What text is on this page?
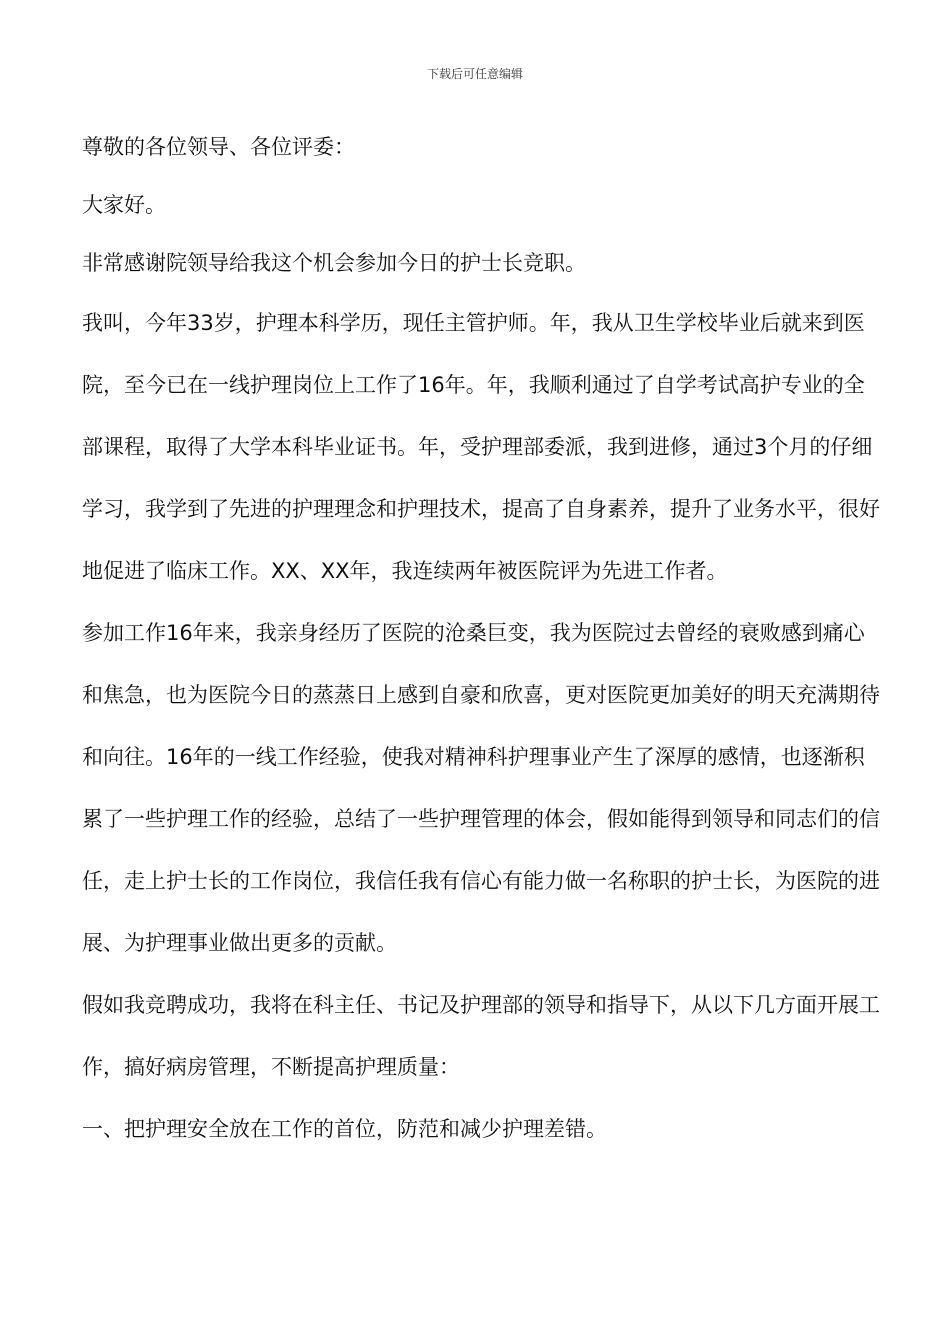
下载后可任意编辑

尊敬的各位领导、各位评委：

大家好。

非常感谢院领导给我这个机会参加今日的护士长竞职。

我叫，今年33岁，护理本科学历，现任主管护师。年，我从卫生学校毕业后就来到医院，至今已在一线护理岗位上工作了16年。年，我顺利通过了自学考试高护专业的全部课程，取得了大学本科毕业证书。年，受护理部委派，我到进修，通过3个月的仔细学习，我学到了先进的护理理念和护理技术，提高了自身素养，提升了业务水平，很好地促进了临床工作。XX、XX年，我连续两年被医院评为先进工作者。

参加工作16年来，我亲身经历了医院的沧桑巨变，我为医院过去曾经的衰败感到痛心和焦急，也为医院今日的蒸蒸日上感到自豪和欣喜，更对医院更加美好的明天充满期待和向往。16年的一线工作经验，使我对精神科护理事业产生了深厚的感情，也逐渐积累了一些护理工作的经验，总结了一些护理管理的体会，假如能得到领导和同志们的信任，走上护士长的工作岗位，我信任我有信心有能力做一名称职的护士长，为医院的进展、为护理事业做出更多的贡献。

假如我竞聘成功，我将在科主任、书记及护理部的领导和指导下，从以下几方面开展工作，搞好病房管理，不断提高护理质量：

一、把护理安全放在工作的首位，防范和减少护理差错。
